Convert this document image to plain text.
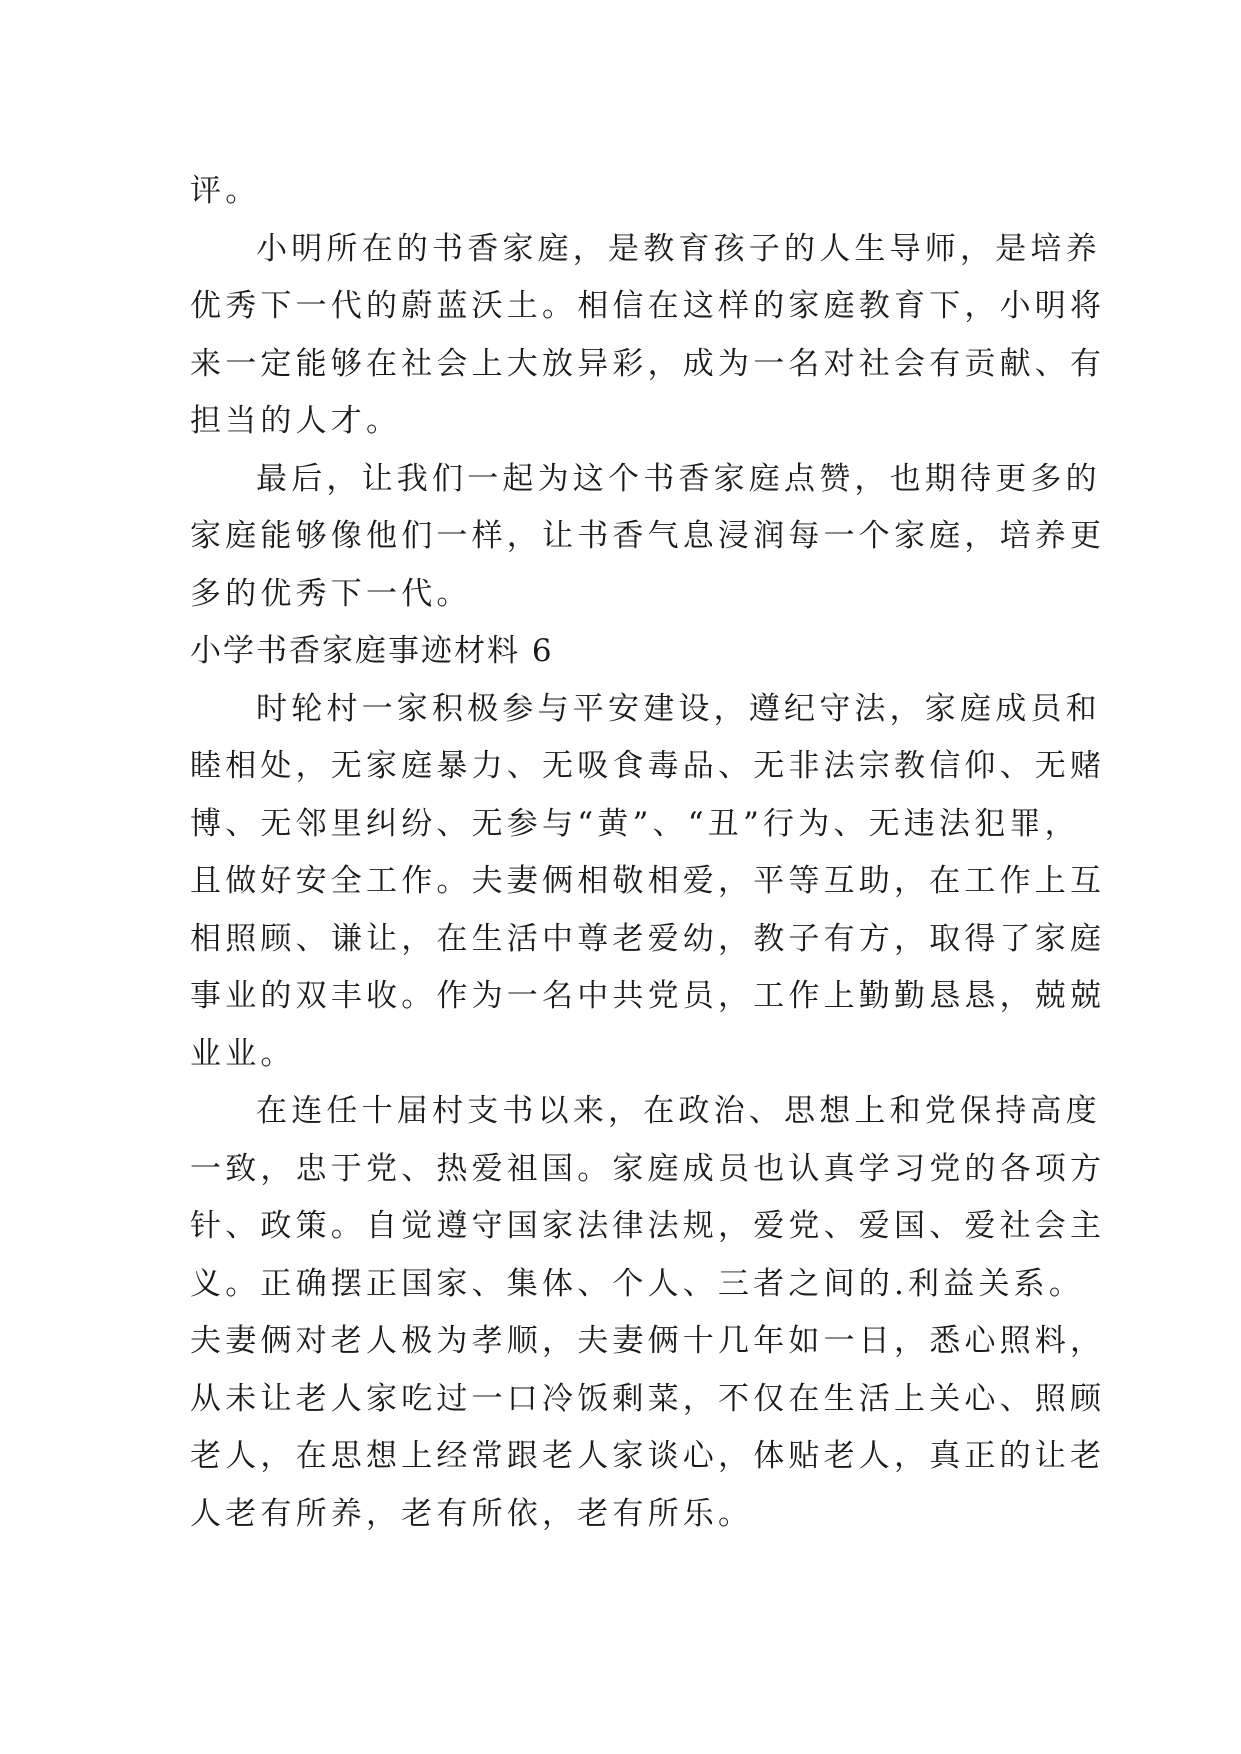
评。
小明所在的书香家庭，是教育孩子的人生导师，是培养
优秀下一代的蔚蓝沃土。相信在这样的家庭教育下，小明将
来一定能够在社会上大放异彩，成为一名对社会有贡献、有
担当的人才。
最后，让我们一起为这个书香家庭点赞，也期待更多的
家庭能够像他们一样，让书香气息浸润每一个家庭，培养更
多的优秀下一代。
小学书香家庭事迹材料 6
时轮村一家积极参与平安建设，遵纪守法，家庭成员和
睦相处，无家庭暴力、无吸食毒品、无非法宗教信仰、无赌
博、无邻里纠纷、无参与“黄”、“丑”行为、无违法犯罪，
且做好安全工作。夫妻俩相敬相爱，平等互助，在工作上互
相照顾、谦让，在生活中尊老爱幼，教子有方，取得了家庭
事业的双丰收。作为一名中共党员，工作上勤勤恳恳，兢兢
业业。
在连任十届村支书以来，在政治、思想上和党保持高度
一致，忠于党、热爱祖国。家庭成员也认真学习党的各项方
针、政策。自觉遵守国家法律法规，爱党、爱国、爱社会主
义。正确摆正国家、集体、个人、三者之间的.利益关系。
夫妻俩对老人极为孝顺，夫妻俩十几年如一日，悉心照料，
从未让老人家吃过一口冷饭剩菜，不仅在生活上关心、照顾
老人，在思想上经常跟老人家谈心，体贴老人，真正的让老
人老有所养，老有所依，老有所乐。
